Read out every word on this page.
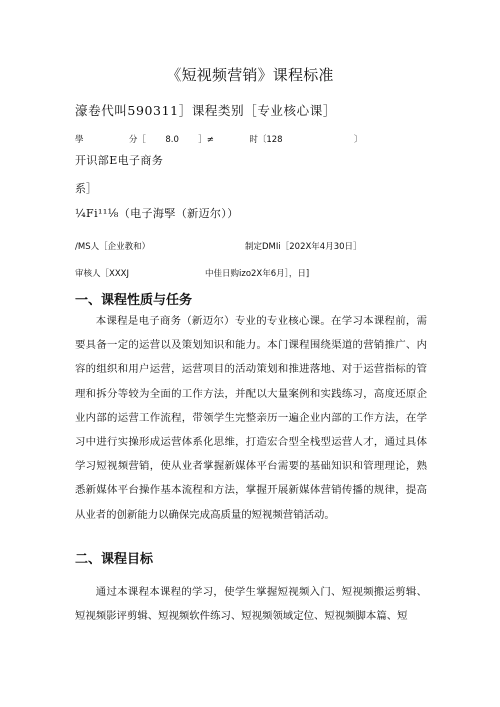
《短视频营销》课程标准
濠卷代叫590311］课程类别［专业核心课］
學	分［ 8.0 ］≠	时〔128	〕
开识部E电子商务
系］
¼Fi¹¹⅛（电子海孯（新迈尔））
/MS人［企业教和）	制定DMIi［202X年4月30日］
审核人［XXXJ	中佳日购izo2X年6月］，日]
一、课程性质与任务
本课程是电子商务（新迈尔）专业的专业核心课。在学习本课程前，需要具备一定的运营以及策划知识和能力。本门课程围绕渠道的营销推广、内容的组织和用户运营，运营项目的活动策划和推进落地、对于运营指标的管理和拆分等较为全面的工作方法，并配以大量案例和实践练习，高度还原企业内部的运营工作流程，带领学生完整亲历一遍企业内部的工作方法，在学习中进行实操形成运营体系化思维，打造宏合型全栈型运营人才，通过具体学习短视频营销，使从业者掌握新媒体平台需要的基础知识和管理理论，熟悉新媒体平台操作基本流程和方法，掌握开展新媒体营销传播的规律，提高从业者的创新能力以确保完成高质量的短视频营销活动。
二、课程目标
通过本课程本课程的学习，使学生掌握短视频入门、短视频搬运剪辑、短视频影评剪辑、短视频软件练习、短视频领域定位、短视频脚本篇、短
